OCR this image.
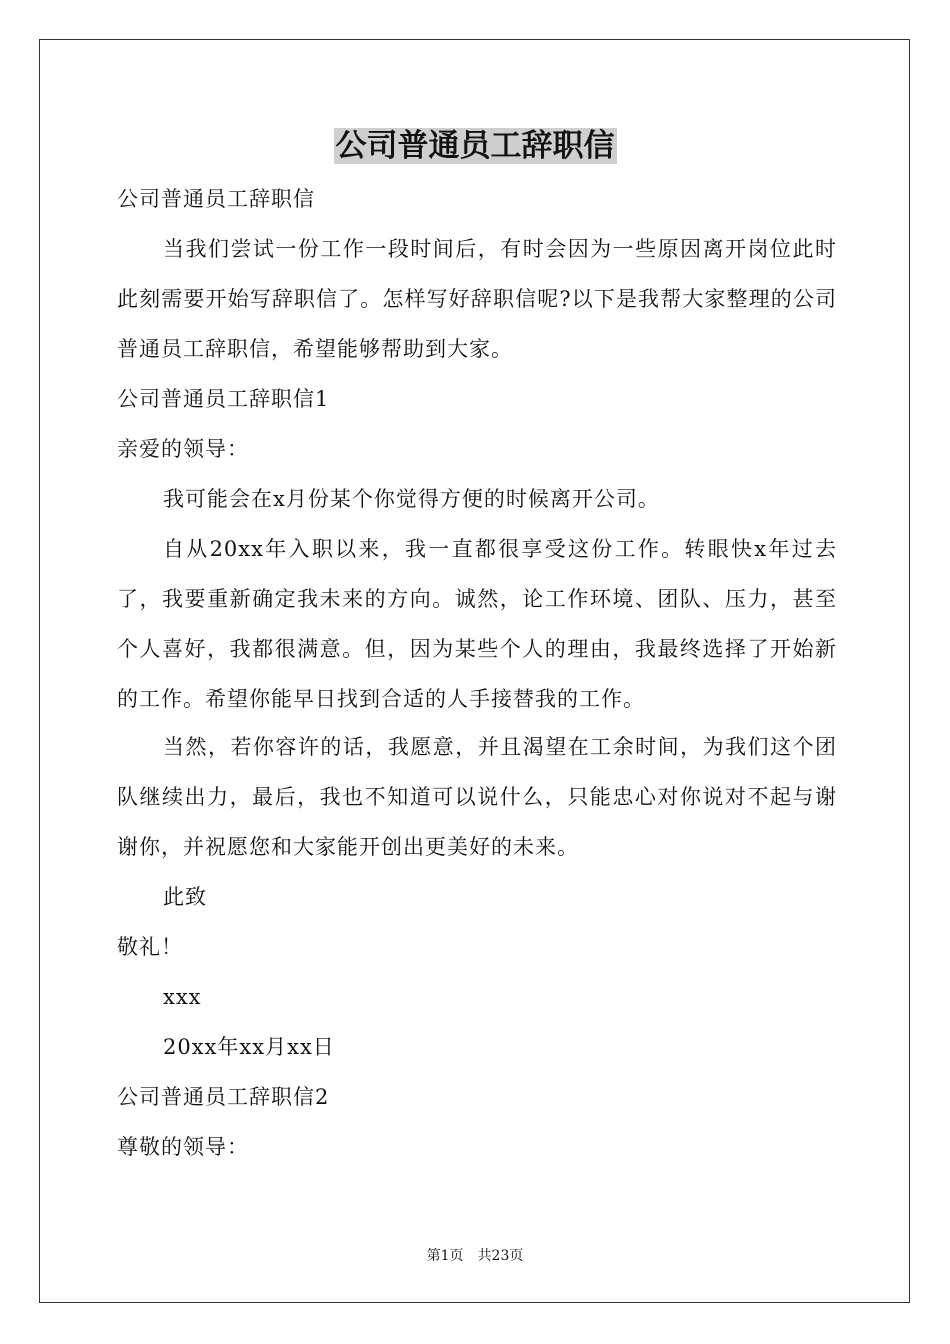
公司普通员工辞职信

公司普通员工辞职信

当我们尝试一份工作一段时间后，有时会因为一些原因离开岗位此时此刻需要开始写辞职信了。怎样写好辞职信呢?以下是我帮大家整理的公司普通员工辞职信，希望能够帮助到大家。

公司普通员工辞职信1

亲爱的领导：

我可能会在x月份某个你觉得方便的时候离开公司。

自从20xx年入职以来，我一直都很享受这份工作。转眼快x年过去了，我要重新确定我未来的方向。诚然，论工作环境、团队、压力，甚至个人喜好，我都很满意。但，因为某些个人的理由，我最终选择了开始新的工作。希望你能早日找到合适的人手接替我的工作。

当然，若你容许的话，我愿意，并且渴望在工余时间，为我们这个团队继续出力，最后，我也不知道可以说什么，只能忠心对你说对不起与谢谢你，并祝愿您和大家能开创出更美好的未来。

此致

敬礼！

xxx

20xx年xx月xx日

公司普通员工辞职信2

尊敬的领导：

第1页　共23页
